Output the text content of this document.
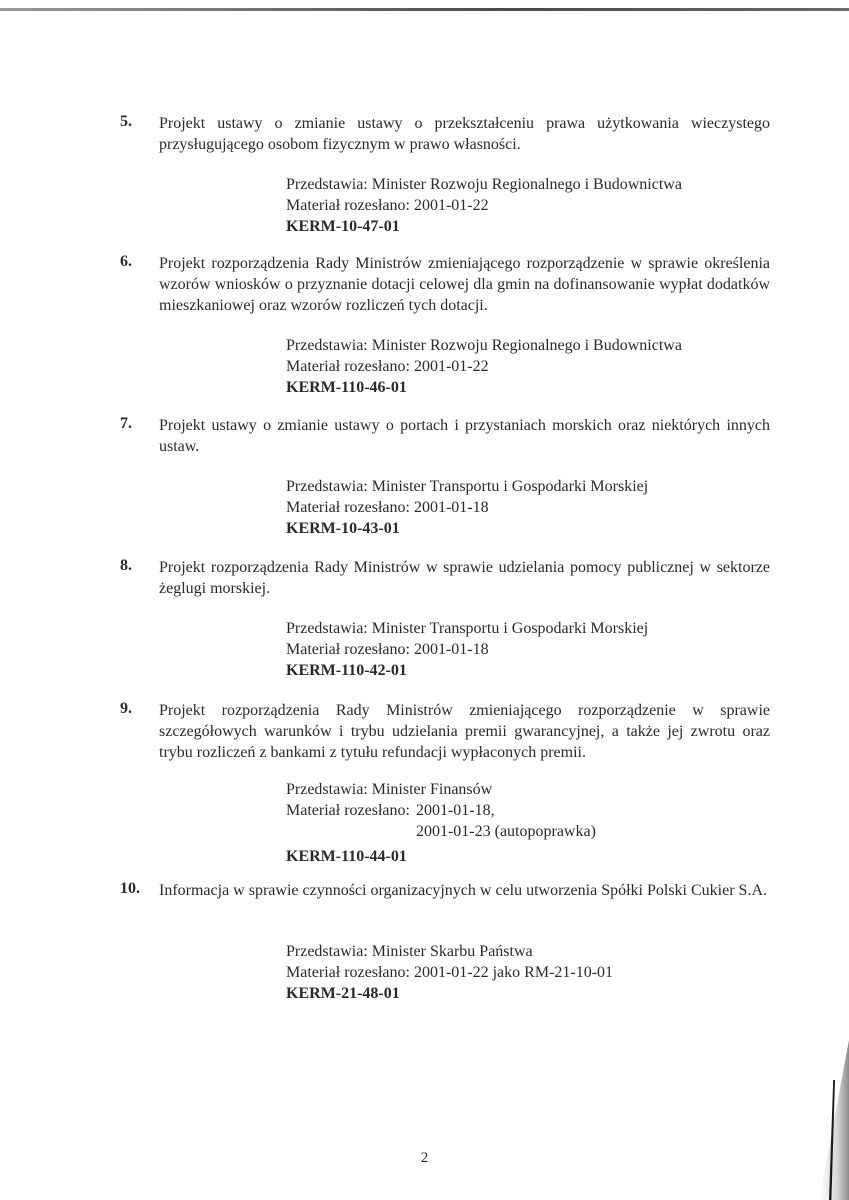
5. Projekt ustawy o zmianie ustawy o przekształceniu prawa użytkowania wieczystego przysługującego osobom fizycznym w prawo własności.
Przedstawia: Minister Rozwoju Regionalnego i Budownictwa
Materiał rozesłano: 2001-01-22
KERM-10-47-01
6. Projekt rozporządzenia Rady Ministrów zmieniającego rozporządzenie w sprawie określenia wzorów wniosków o przyznanie dotacji celowej dla gmin na dofinansowanie wypłat dodatków mieszkaniowej oraz wzorów rozliczeń tych dotacji.
Przedstawia: Minister Rozwoju Regionalnego i Budownictwa
Materiał rozesłano: 2001-01-22
KERM-110-46-01
7. Projekt ustawy o zmianie ustawy o portach i przystaniach morskich oraz niektórych innych ustaw.
Przedstawia: Minister Transportu i Gospodarki Morskiej
Materiał rozesłano: 2001-01-18
KERM-10-43-01
8. Projekt rozporządzenia Rady Ministrów w sprawie udzielania pomocy publicznej w sektorze żeglugi morskiej.
Przedstawia: Minister Transportu i Gospodarki Morskiej
Materiał rozesłano: 2001-01-18
KERM-110-42-01
9. Projekt rozporządzenia Rady Ministrów zmieniającego rozporządzenie w sprawie szczegółowych warunków i trybu udzielania premii gwarancyjnej, a także jej zwrotu oraz trybu rozliczeń z bankami z tytułu refundacji wypłaconych premii.
Przedstawia: Minister Finansów
Materiał rozesłano: 2001-01-18,
2001-01-23 (autopoprawka)
KERM-110-44-01
10. Informacja w sprawie czynności organizacyjnych w celu utworzenia Spółki Polski Cukier S.A.
Przedstawia: Minister Skarbu Państwa
Materiał rozesłano: 2001-01-22 jako RM-21-10-01
KERM-21-48-01
2
